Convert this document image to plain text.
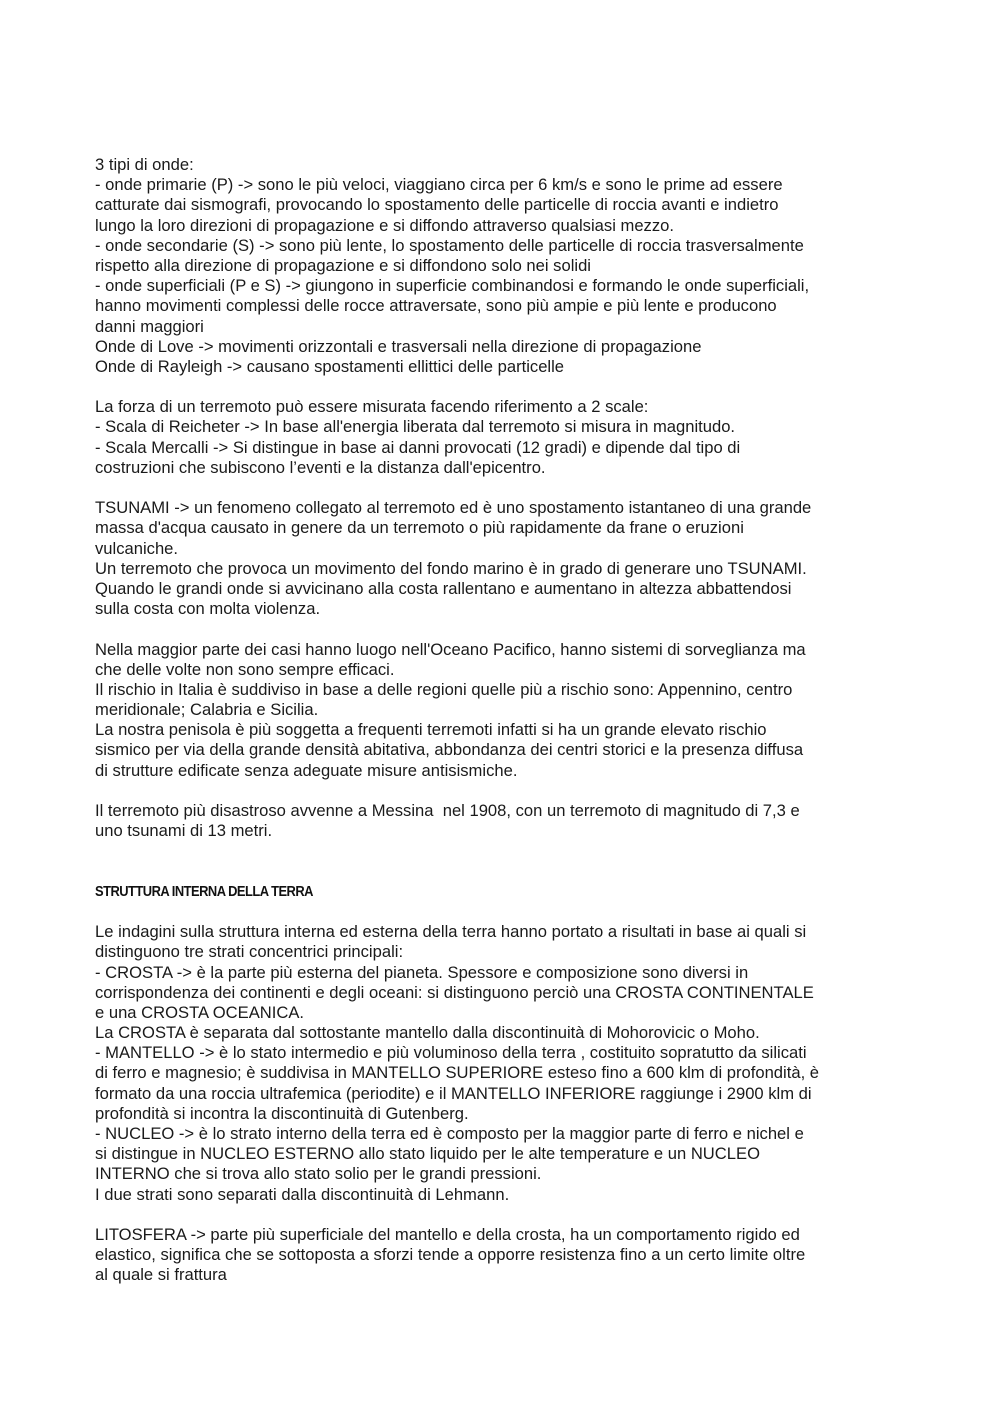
3 tipi di onde:
- onde primarie (P) -> sono le più veloci, viaggiano circa per 6 km/s e sono le prime ad essere
catturate dai sismografi, provocando lo spostamento delle particelle di roccia avanti e indietro
lungo la loro direzioni di propagazione e si diffondo attraverso qualsiasi mezzo.
- onde secondarie (S) -> sono più lente, lo spostamento delle particelle di roccia trasversalmente
rispetto alla direzione di propagazione e si diffondono solo nei solidi
- onde superficiali (P e S) -> giungono in superficie combinandosi e formando le onde superficiali,
hanno movimenti complessi delle rocce attraversate, sono più ampie e più lente e producono
danni maggiori
Onde di Love -> movimenti orizzontali e trasversali nella direzione di propagazione
Onde di Rayleigh -> causano spostamenti ellittici delle particelle
La forza di un terremoto può essere misurata facendo riferimento a 2 scale:
- Scala di Reicheter -> In base all'energia liberata dal terremoto si misura in magnitudo.
- Scala Mercalli -> Si distingue in base ai danni provocati (12 gradi) e dipende dal tipo di
costruzioni che subiscono l’eventi e la distanza dall'epicentro.
TSUNAMI -> un fenomeno collegato al terremoto ed è uno spostamento istantaneo di una grande
massa d'acqua causato in genere da un terremoto o più rapidamente da frane o eruzioni
vulcaniche.
Un terremoto che provoca un movimento del fondo marino è in grado di generare uno TSUNAMI.
Quando le grandi onde si avvicinano alla costa rallentano e aumentano in altezza abbattendosi
sulla costa con molta violenza.
Nella maggior parte dei casi hanno luogo nell'Oceano Pacifico, hanno sistemi di sorveglianza ma
che delle volte non sono sempre efficaci.
Il rischio in Italia è suddiviso in base a delle regioni quelle più a rischio sono: Appennino, centro
meridionale; Calabria e Sicilia.
La nostra penisola è più soggetta a frequenti terremoti infatti si ha un grande elevato rischio
sismico per via della grande densità abitativa, abbondanza dei centri storici e la presenza diffusa
di strutture edificate senza adeguate misure antisismiche.
Il terremoto più disastroso avvenne a Messina  nel 1908, con un terremoto di magnitudo di 7,3 e
uno tsunami di 13 metri.
STRUTTURA INTERNA DELLA TERRA
Le indagini sulla struttura interna ed esterna della terra hanno portato a risultati in base ai quali si
distinguono tre strati concentrici principali:
- CROSTA -> è la parte più esterna del pianeta. Spessore e composizione sono diversi in
corrispondenza dei continenti e degli oceani: si distinguono perciò una CROSTA CONTINENTALE
e una CROSTA OCEANICA.
La CROSTA è separata dal sottostante mantello dalla discontinuità di Mohorovicic o Moho.
- MANTELLO -> è lo stato intermedio e più voluminoso della terra , costituito sopratutto da silicati
di ferro e magnesio; è suddivisa in MANTELLO SUPERIORE esteso fino a 600 klm di profondità, è
formato da una roccia ultrafemica (periodite) e il MANTELLO INFERIORE raggiunge i 2900 klm di
profondità si incontra la discontinuità di Gutenberg.
- NUCLEO -> è lo strato interno della terra ed è composto per la maggior parte di ferro e nichel e
si distingue in NUCLEO ESTERNO allo stato liquido per le alte temperature e un NUCLEO
INTERNO che si trova allo stato solio per le grandi pressioni.
I due strati sono separati dalla discontinuità di Lehmann.
LITOSFERA -> parte più superficiale del mantello e della crosta, ha un comportamento rigido ed
elastico, significa che se sottoposta a sforzi tende a opporre resistenza fino a un certo limite oltre
al quale si frattura
